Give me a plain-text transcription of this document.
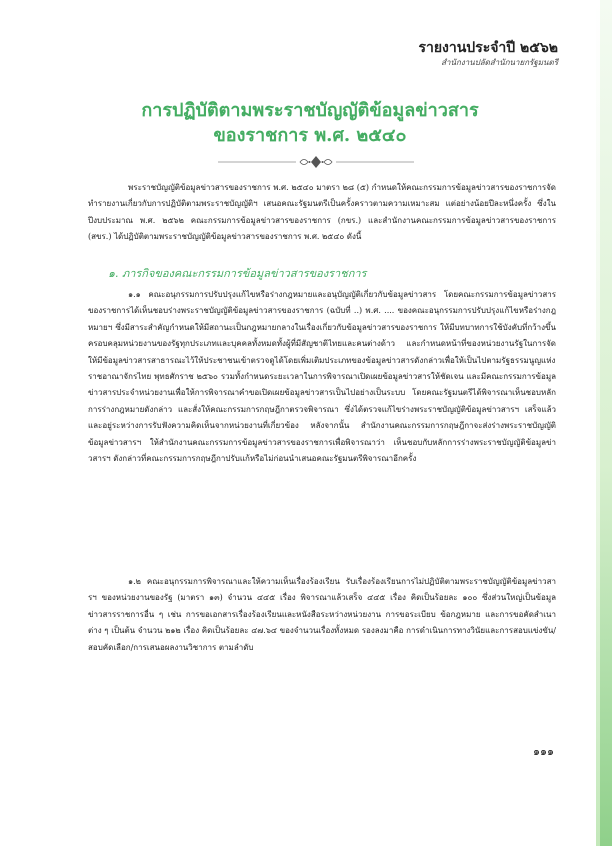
รายงานประจำปี ๒๕๖๒
สำนักงานปลัดสำนักนายกรัฐมนตรี
การปฏิบัติตามพระราชบัญญัติข้อมูลข่าวสาร
ของราชการ พ.ศ. ๒๕๔๐
พระราชบัญญัติข้อมูลข่าวสารของราชการ พ.ศ. ๒๕๔๐ มาตรา ๒๘ (๕) กำหนดให้คณะกรรมการข้อมูลข่าวสารของราชการจัดทำรายงานเกี่ยวกับการปฏิบัติตามพระราชบัญญัติฯ เสนอคณะรัฐมนตรีเป็นครั้งคราวตามความเหมาะสม แต่อย่างน้อยปีละหนึ่งครั้ง ซึ่งในปีงบประมาณ พ.ศ. ๒๕๖๒ คณะกรรมการข้อมูลข่าวสารของราชการ (กขร.) และสำนักงานคณะกรรมการข้อมูลข่าวสารของราชการ (สขร.) ได้ปฏิบัติตามพระราชบัญญัติข้อมูลข่าวสารของราชการ พ.ศ. ๒๕๔๐ ดังนี้
๑. ภารกิจของคณะกรรมการข้อมูลข่าวสารของราชการ
๑.๑ คณะอนุกรรมการปรับปรุงแก้ไขหรือร่างกฎหมายและอนุบัญญัติเกี่ยวกับข้อมูลข่าวสาร โดยคณะกรรมการข้อมูลข่าวสารของราชการได้เห็นชอบร่างพระราชบัญญัติข้อมูลข่าวสารของราชการ (ฉบับที่ ..) พ.ศ. .... ของคณะอนุกรรมการปรับปรุงแก้ไขหรือร่างกฎหมายฯ ซึ่งมีสาระสำคัญกำหนดให้มีสถานะเป็นกฎหมายกลางในเรื่องเกี่ยวกับข้อมูลข่าวสารของราชการ ให้มีบทบาทการใช้บังคับที่กว้างขึ้น ครอบคลุมหน่วยงานของรัฐทุกประเภทและบุคคลทั้งหมดทั้งผู้ที่มีสัญชาติไทยและคนต่างด้าว และกำหนดหน้าที่ของหน่วยงานรัฐในการจัดให้มีข้อมูลข่าวสารสาธารณะไว้ให้ประชาชนเข้าตรวจดูได้โดยเพิ่มเติมประเภทของข้อมูลข่าวสารดังกล่าวเพื่อให้เป็นไปตามรัฐธรรมนูญแห่งราชอาณาจักรไทย พุทธศักราช ๒๕๖๐ รวมทั้งกำหนดระยะเวลาในการพิจารณาเปิดเผยข้อมูลข่าวสารให้ชัดเจน และมีคณะกรรมการข้อมูลข่าวสารประจำหน่วยงานเพื่อให้การพิจารณาคำขอเปิดเผยข้อมูลข่าวสารเป็นไปอย่างเป็นระบบ โดยคณะรัฐมนตรีได้พิจารณาเห็นชอบหลักการร่างกฎหมายดังกล่าว และสั่งให้คณะกรรมการกฤษฎีกาตรวจพิจารณา ซึ่งได้ตรวจแก้ไขร่างพระราชบัญญัติข้อมูลข่าวสารฯ เสร็จแล้ว และอยู่ระหว่างการรับฟังความคิดเห็นจากหน่วยงานที่เกี่ยวข้อง หลังจากนั้น สำนักงานคณะกรรมการกฤษฎีกาจะส่งร่างพระราชบัญญัติข้อมูลข่าวสารฯ ให้สำนักงานคณะกรรมการข้อมูลข่าวสารของราชการเพื่อพิจารณาว่า เห็นชอบกับหลักการร่างพระราชบัญญัติข้อมูลข่าวสารฯ ดังกล่าวที่คณะกรรมการกฤษฎีกาปรับแก้หรือไม่ก่อนนำเสนอคณะรัฐมนตรีพิจารณาอีกครั้ง
๑.๒ คณะอนุกรรมการพิจารณาและให้ความเห็นเรื่องร้องเรียน รับเรื่องร้องเรียนการไม่ปฏิบัติตามพระราชบัญญัติข้อมูลข่าวสารฯ ของหน่วยงานของรัฐ (มาตรา ๑๓) จำนวน ๔๔๕ เรื่อง พิจารณาแล้วเสร็จ ๔๔๕ เรื่อง คิดเป็นร้อยละ ๑๐๐ ซึ่งส่วนใหญ่เป็นข้อมูลข่าวสารราชการอื่น ๆ เช่น การขอเอกสารเรื่องร้องเรียนและหนังสือระหว่างหน่วยงาน การขอระเบียบ ข้อกฎหมาย และการขอคัดสำเนาต่าง ๆ เป็นต้น จำนวน ๒๑๒ เรื่อง คิดเป็นร้อยละ ๔๗.๖๔ ของจำนวนเรื่องทั้งหมด รองลงมาคือ การดำเนินการทางวินัยและการสอบแข่งขัน/สอบคัดเลือก/การเสนอผลงานวิชาการ ตามลำดับ
๑๑๑
